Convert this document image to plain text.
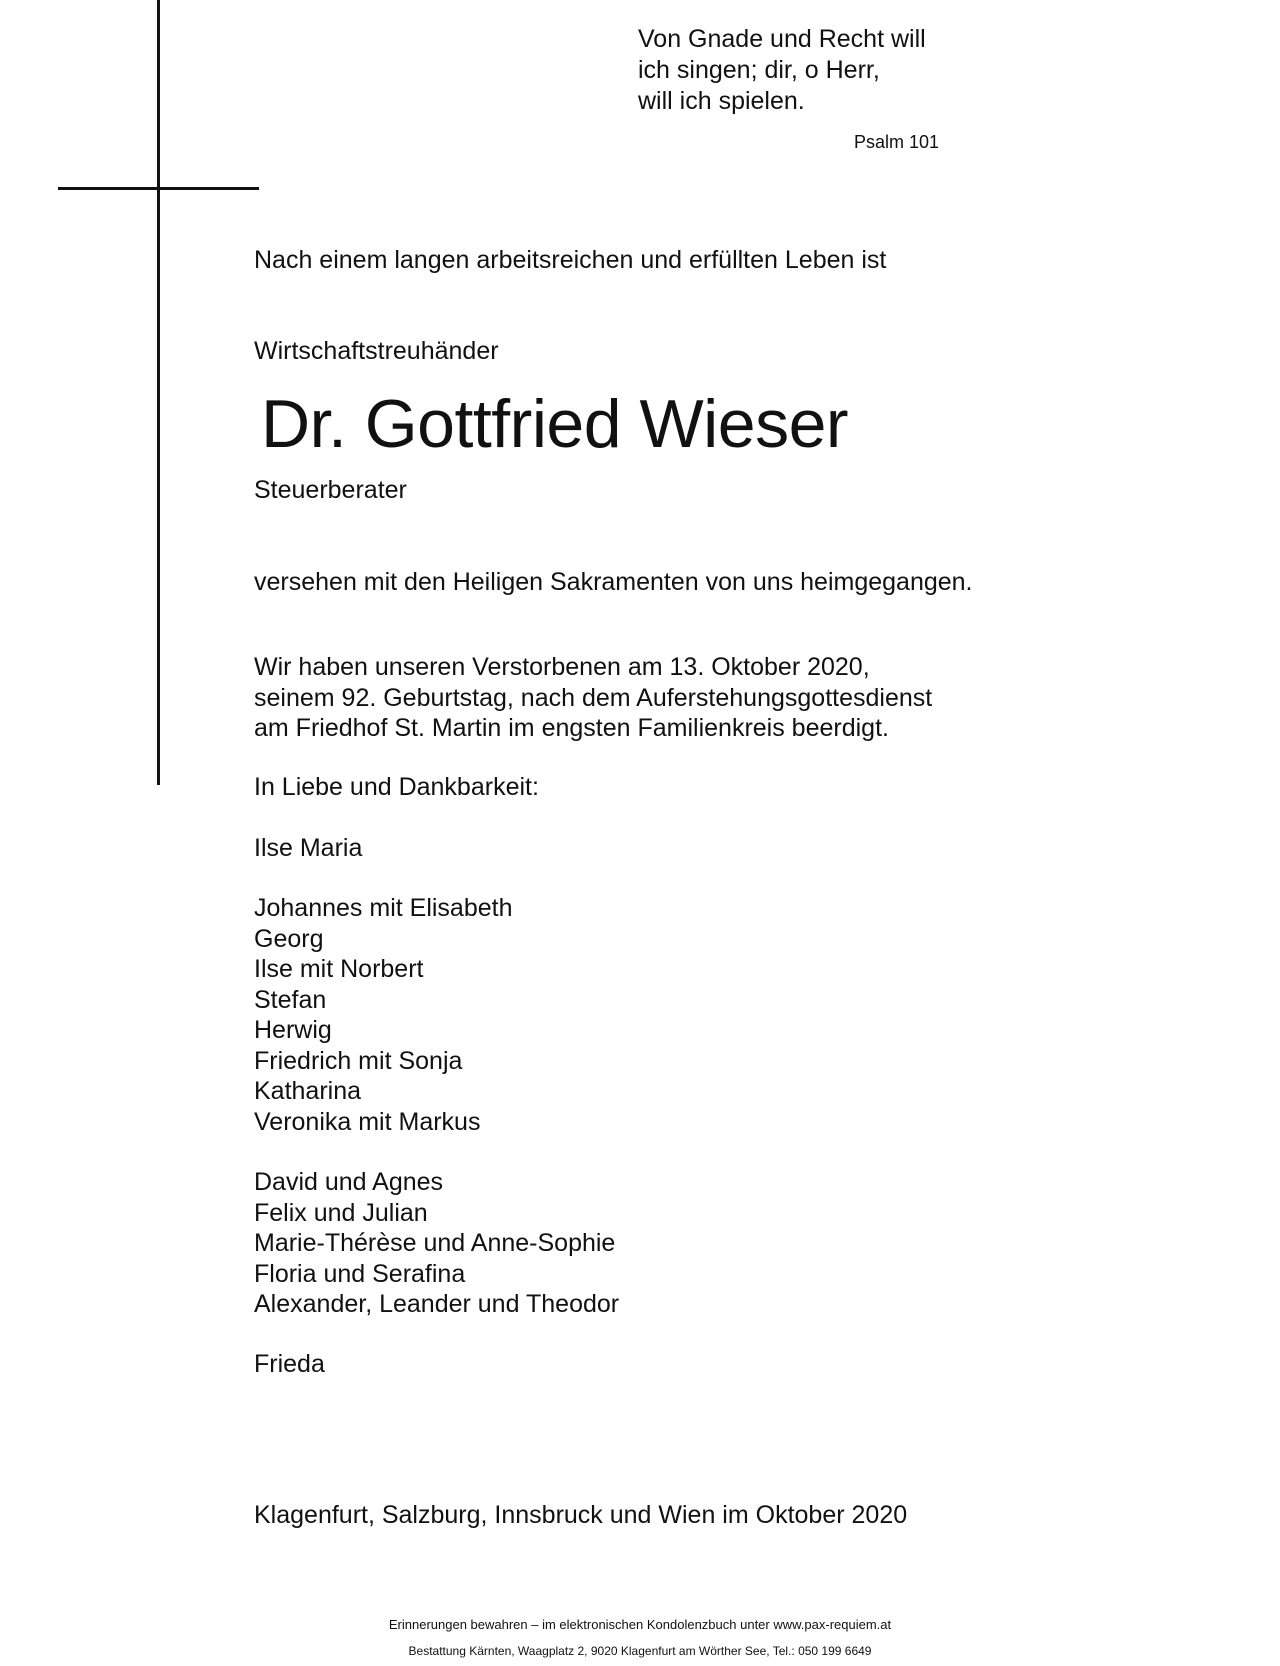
Von Gnade und Recht will
ich singen; dir, o Herr,
will ich spielen.
Psalm 101
Nach einem langen arbeitsreichen und erfüllten Leben ist
Wirtschaftstreuhänder
Dr. Gottfried Wieser
Steuerberater
versehen mit den Heiligen Sakramenten von uns heimgegangen.
Wir haben unseren Verstorbenen am 13. Oktober 2020,
seinem 92. Geburtstag, nach dem Auferstehungsgottesdienst
am Friedhof St. Martin im engsten Familienkreis beerdigt.
In Liebe und Dankbarkeit:
Ilse Maria
Johannes mit Elisabeth
Georg
Ilse mit Norbert
Stefan
Herwig
Friedrich mit Sonja
Katharina
Veronika mit Markus
David und Agnes
Felix und Julian
Marie-Thérèse und Anne-Sophie
Floria und Serafina
Alexander, Leander und Theodor
Frieda
Klagenfurt, Salzburg, Innsbruck und Wien im Oktober 2020
Erinnerungen bewahren – im elektronischen Kondolenzbuch unter www.pax-requiem.at
Bestattung Kärnten, Waagplatz 2, 9020 Klagenfurt am Wörther See, Tel.: 050 199 6649
